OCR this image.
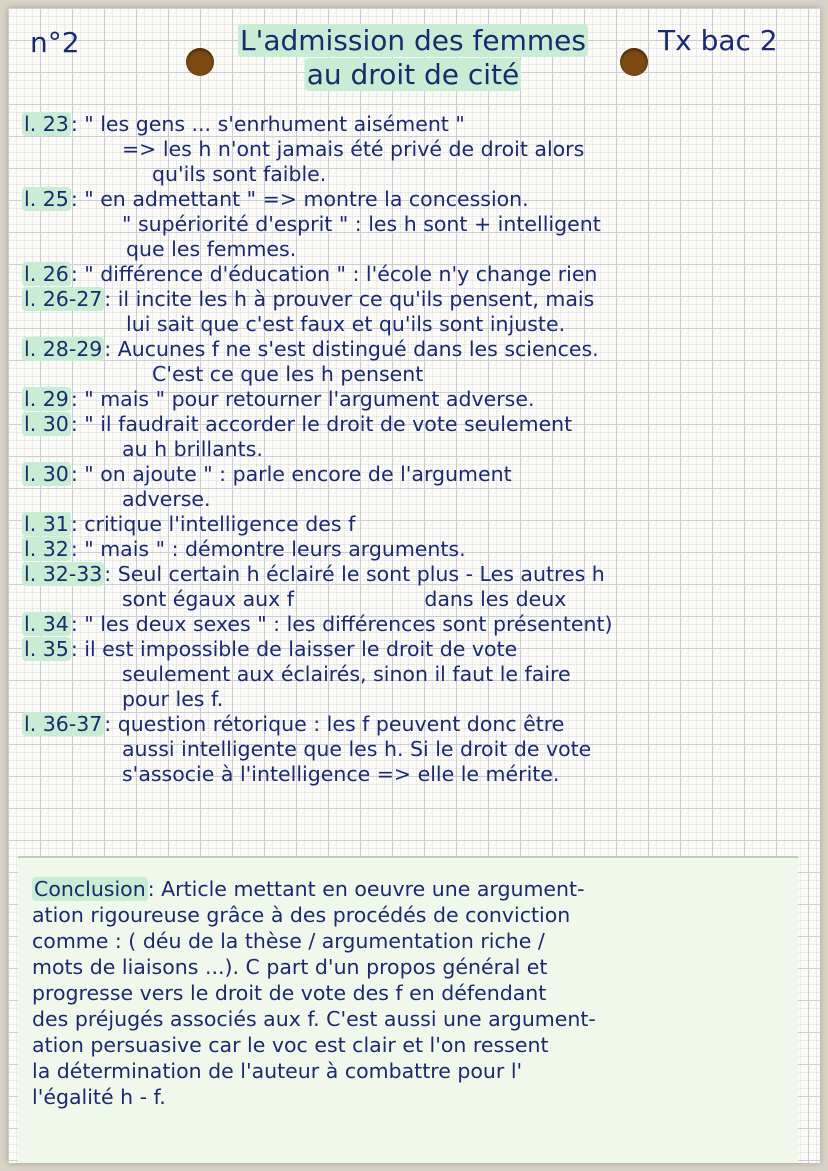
n°2	L'admission des femmes
au droit de cité
Tx bac 2
l. 23: " les gens ... s'enrhument aisément "
=> les h n'ont jamais été privé de droit alors
qu'ils sont faible.
l. 25: " en admettant " => montre la concession.
" supériorité d'esprit " : les h sont + intelligent
que les femmes.
l. 26: " différence d'éducation " : l'école n'y change rien
l. 26-27: il incite les h à prouver ce qu'ils pensent, mais
lui sait que c'est faux et qu'ils sont injuste.
l. 28-29: Aucunes f ne s'est distingué dans les sciences.
C'est ce que les h pensent
l. 29: " mais " pour retourner l'argument adverse.
l. 30: " il faudrait accorder le droit de vote seulement
au h brillants.
l. 30: " on ajoute " : parle encore de l'argument
adverse.
l. 31: critique l'intelligence des f
l. 32: " mais " : démontre leurs arguments.
l. 32-33: Seul certain h éclairé le sont plus - Les autres h
sont égaux aux f                    dans les deux
l. 34: " les deux sexes " : les différences sont présentent)
l. 35: il est impossible de laisser le droit de vote
seulement aux éclairés, sinon il faut le faire
pour les f.
l. 36-37: question rétorique : les f peuvent donc être
aussi intelligente que les h. Si le droit de vote
s'associe à l'intelligence => elle le mérite.
Conclusion: Article mettant en oeuvre une argument-
ation rigoureuse grâce à des procédés de conviction
comme : ( déu de la thèse / argumentation riche /
mots de liaisons ...). C part d'un propos général et
progresse vers le droit de vote des f en défendant
des préjugés associés aux f. C'est aussi une argument-
ation persuasive car le voc est clair et l'on ressent
la détermination de l'auteur à combattre pour l'
l'égalité h - f.
